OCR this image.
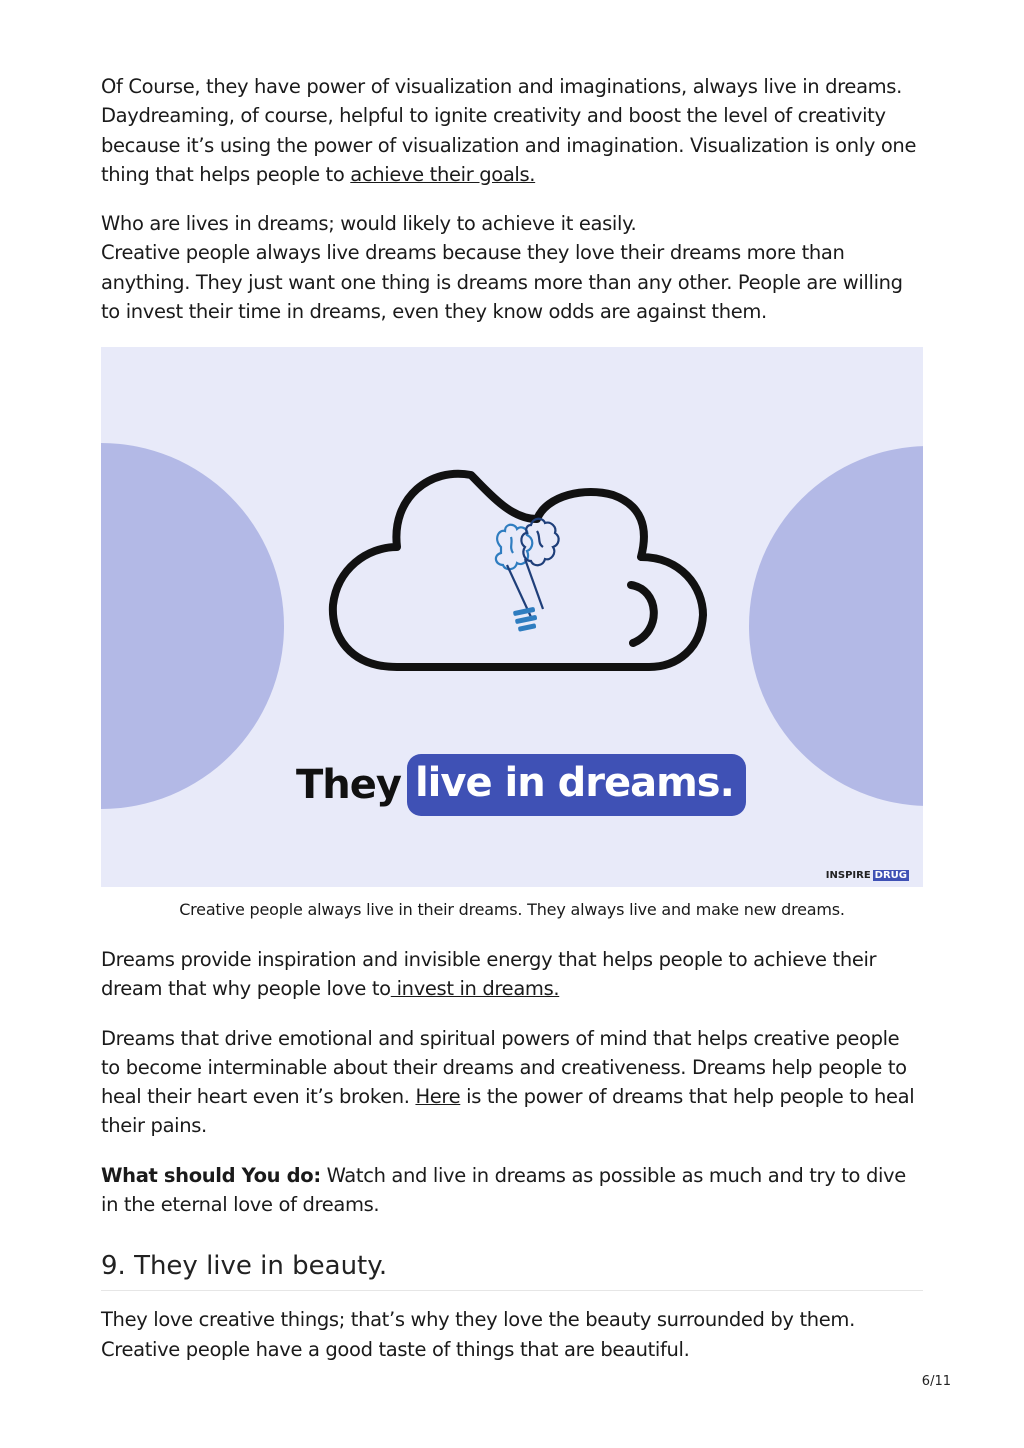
Of Course, they have power of visualization and imaginations, always live in dreams. Daydreaming, of course, helpful to ignite creativity and boost the level of creativity because it’s using the power of visualization and imagination. Visualization is only one thing that helps people to achieve their goals.

Who are lives in dreams; would likely to achieve it easily.
Creative people always live dreams because they love their dreams more than anything. They just want one thing is dreams more than any other. People are willing to invest their time in dreams, even they know odds are against them.

They live in dreams.
INSPIRE DRUG
Creative people always live in their dreams. They always live and make new dreams.

Dreams provide inspiration and invisible energy that helps people to achieve their dream that why people love to invest in dreams.

Dreams that drive emotional and spiritual powers of mind that helps creative people to become interminable about their dreams and creativeness. Dreams help people to heal their heart even it’s broken. Here is the power of dreams that help people to heal their pains.

What should You do: Watch and live in dreams as possible as much and try to dive in the eternal love of dreams.

9. They live in beauty.

They love creative things; that’s why they love the beauty surrounded by them. Creative people have a good taste of things that are beautiful.

6/11
